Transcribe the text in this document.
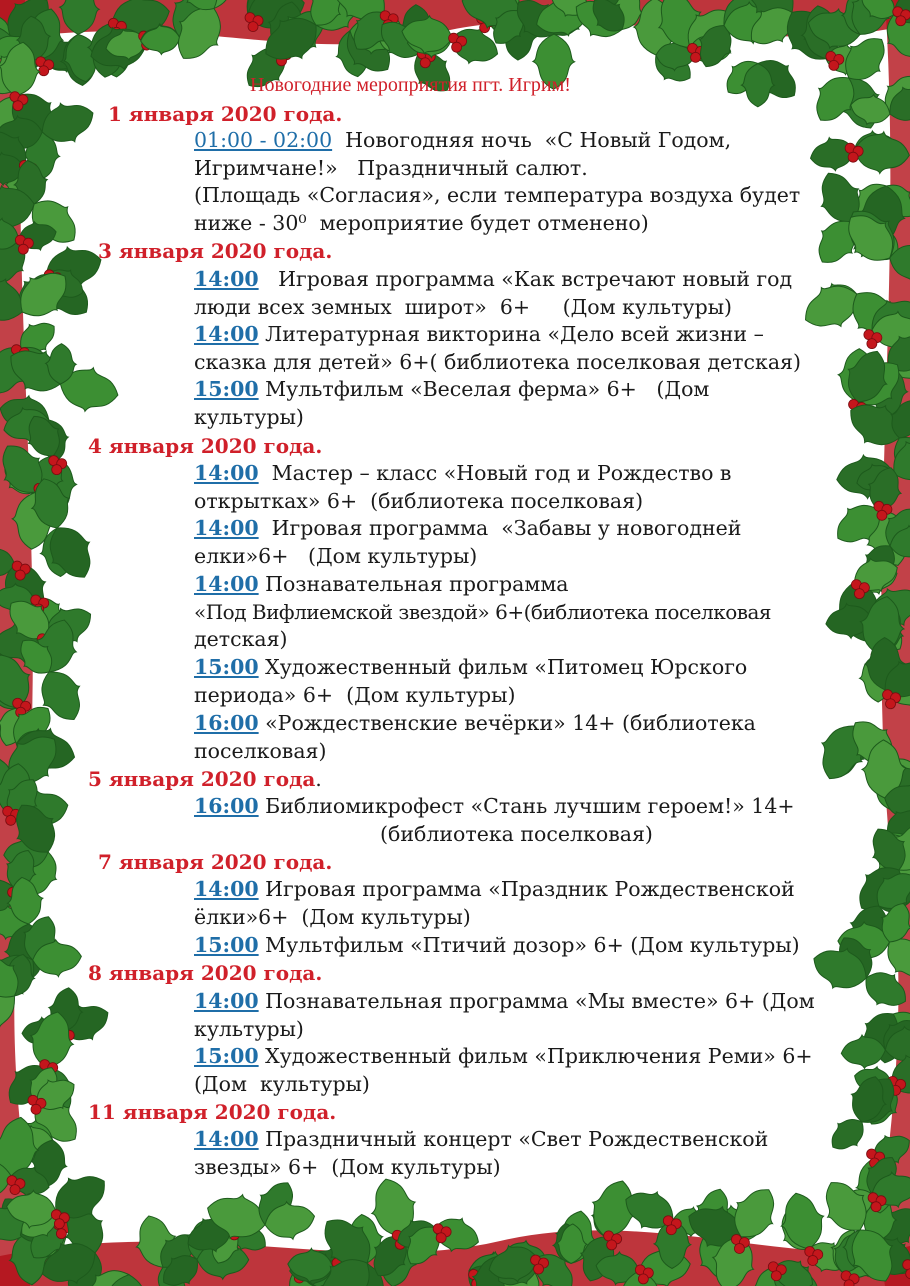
Новогодние мероприятия пгт. Игрим!

1 января 2020 года.

01:00 - 02:00  Новогодняя ночь  «С Новый Годом,
Игримчане!»   Праздничный салют.
(Площадь «Согласия», если температура воздуха будет
ниже - 30⁰  мероприятие будет отменено)

3 января 2020 года.

14:00   Игровая программа «Как встречают новый год
люди всех земных  широт»  6+     (Дом культуры)
14:00 Литературная викторина «Дело всей жизни –
сказка для детей» 6+( библиотека поселковая детская)
15:00 Мультфильм «Веселая ферма» 6+   (Дом
культуры)

4 января 2020 года.

14:00  Мастер – класс «Новый год и Рождество в
открытках» 6+  (библиотека поселковая)
14:00  Игровая программа  «Забавы у новогодней
елки»6+   (Дом культуры)
14:00 Познавательная программа
«Под Вифлиемской звездой» 6+(библиотека поселковая
детская)
15:00 Художественный фильм «Питомец Юрского
периода» 6+  (Дом культуры)
16:00 «Рождественские вечёрки» 14+ (библиотека
поселковая)

5 января 2020 года.

16:00 Библиомикрофест «Стань лучшим героем!» 14+
(библиотека поселковая)

7 января 2020 года.

14:00 Игровая программа «Праздник Рождественской
ёлки»6+  (Дом культуры)
15:00 Мультфильм «Птичий дозор» 6+ (Дом культуры)

8 января 2020 года.

14:00 Познавательная программа «Мы вместе» 6+ (Дом
культуры)
15:00 Художественный фильм «Приключения Реми» 6+
(Дом  культуры)

11 января 2020 года.

14:00 Праздничный концерт «Свет Рождественской
звезды» 6+  (Дом культуры)
